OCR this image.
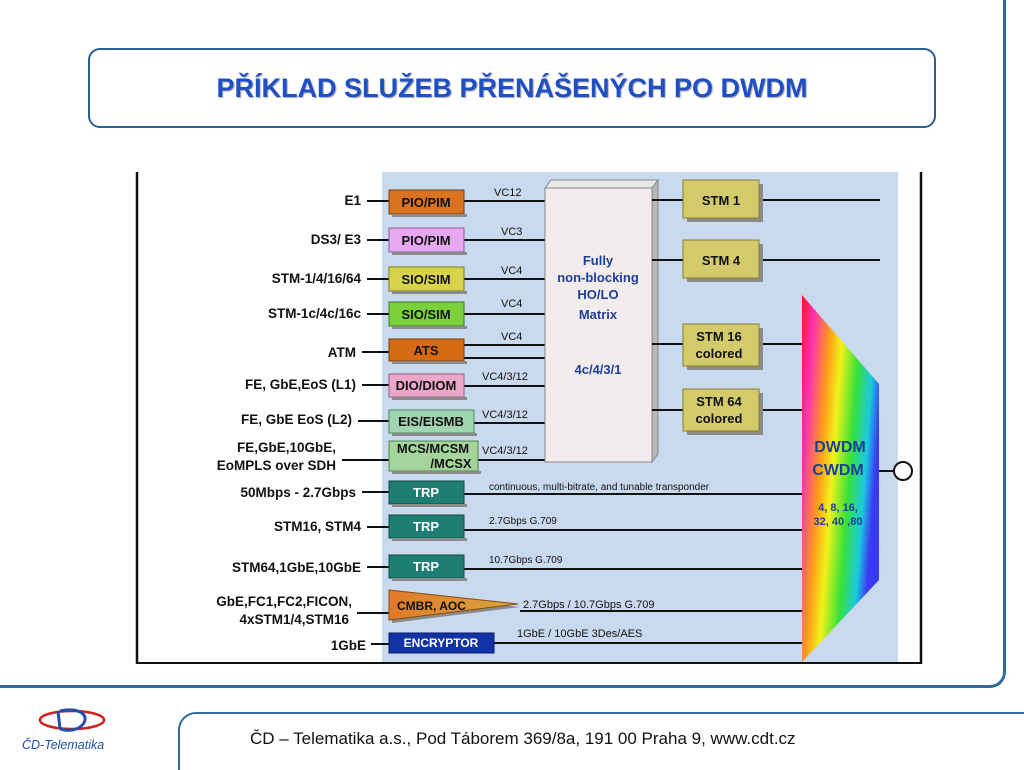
PŘÍKLAD SLUŽEB PŘENÁŠENÝCH PO DWDM
E1
DS3/ E3
STM-1/4/16/64
STM-1c/4c/16c
ATM
FE, GbE,EoS (L1)
FE, GbE EoS (L2)
FE,GbE,10GbE,
EoMPLS over SDH
50Mbps - 2.7Gbps
STM16, STM4
STM64,1GbE,10GbE
GbE,FC1,FC2,FICON,
4xSTM1/4,STM16
1GbE
PIO/PIM
PIO/PIM
SIO/SIM
SIO/SIM
ATS
DIO/DIOM
EIS/EISMB
MCS/MCSM
/MCSX
TRP
TRP
TRP
CMBR, AOC
ENCRYPTOR
VC12
VC3
VC4
VC4
VC4
VC4/3/12
VC4/3/12
VC4/3/12
Fully
non-blocking
HO/LO
Matrix
4c/4/3/1
STM 1
STM 4
STM 16
colored
STM 64
colored
continuous, multi-bitrate, and tunable transponder
2.7Gbps G.709
10.7Gbps G.709
2.7Gbps / 10.7Gbps G.709
1GbE / 10GbE 3Des/AES
DWDM
CWDM
4, 8, 16,
32, 40 ,80
ČD – Telematika a.s., Pod Táborem 369/8a, 191 00 Praha 9, www.cdt.cz
ČD-Telematika
